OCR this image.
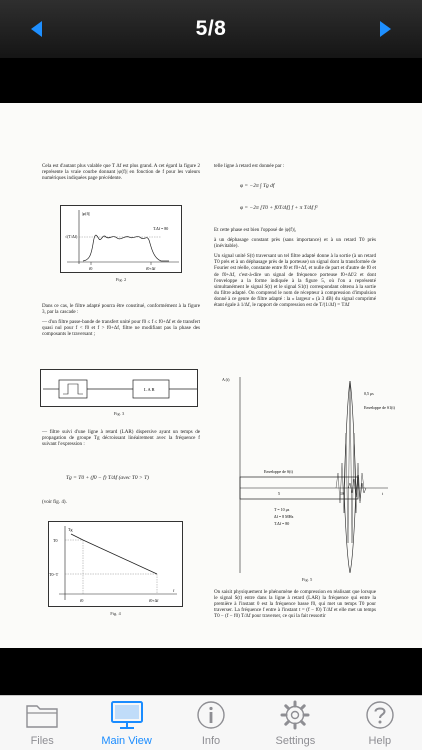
5/8

Cela est d'autant plus valable que T Δf est plus grand. A cet égard la figure 2 représente la vraie courbe donnant |φ(f)| en fonction de f pour les valeurs numériques indiquées page précédente.

|φ(f)|
√(T/Δf)
f0	f0+Δf
T.Δf = 80
Fig. 2

Dans ce cas, le filtre adapté pourra être constitué, conformément à la figure 3, par la cascade :

— d'un filtre passe-bande de transfert unité pour f0 ≤ f ≤ f0+Δf et de transfert quasi nul pour f < f0 et f > f0+Δf, filtre ne modifiant pas la phase des composants le traversant ;

L A R
Fig. 3

— filtre suivi d'une ligne à retard (LAR) dispersive ayant un temps de propagation de groupe Tg décroissant linéairement avec la fréquence f suivant l'expression :

Tg = T0 + (f0 − f) T/Δf (avec T0 > T)

(voir fig. 4).

Tg
T0
T0−T
f0	f0+Δf
f
Fig. 4

telle ligne à retard est donnée par :

φ = −2π ∫ Tg df
φ = −2π [T0 + f0T/Δf] f + π T/Δf f²

Et cette phase est bien l'opposé de |φ(f)|,

à un déphasage constant près (sans importance) et à un retard T0 près (inévitable).

Un signal unité S(t) traversant un tel filtre adapté donne à la sortie (à un retard T0 près et à un déphasage près de la porteuse) un signal dont la transformée de Fourier est réelle, constante entre f0 et f0+Δf, et nulle de part et d'autre de f0 et de f0+Δf, c'est-à-dire un signal de fréquence porteuse f0+Δf/2 et dont l'enveloppe a la forme indiquée à la figure 5, où l'on a représenté simultanément le signal S(t) et le signal S1(t) correspondant obtenu à la sortie du filtre adapté. On comprend le nom de récepteur à compression d'impulsion donné à ce genre de filtre adapté : la « largeur » (à 3 dB) du signal comprimé étant égale à 1/Δf, le rapport de compression est de T/(1/Δf) = TΔf

A (t)
Enveloppe de S(t)
0,5 μs
Enveloppe de S1(t)
5	10	t
T = 10 μs
Δf = 8 MHz
T.Δf = 80
Fig. 5

On saisit physiquement le phénomène de compression en réalisant que lorsque le signal S(t) entre dans la ligne à retard (LAR) la fréquence qui entre la première à l'instant 0 est la fréquence basse f0, qui met un temps T0 pour traverser. La fréquence f entre à l'instant t = (f − f0) T/Δf et elle met un temps T0 − (f − f0) T/Δf pour traverser, ce qui la fait ressortir

Files	Main View	Info	Settings	Help
